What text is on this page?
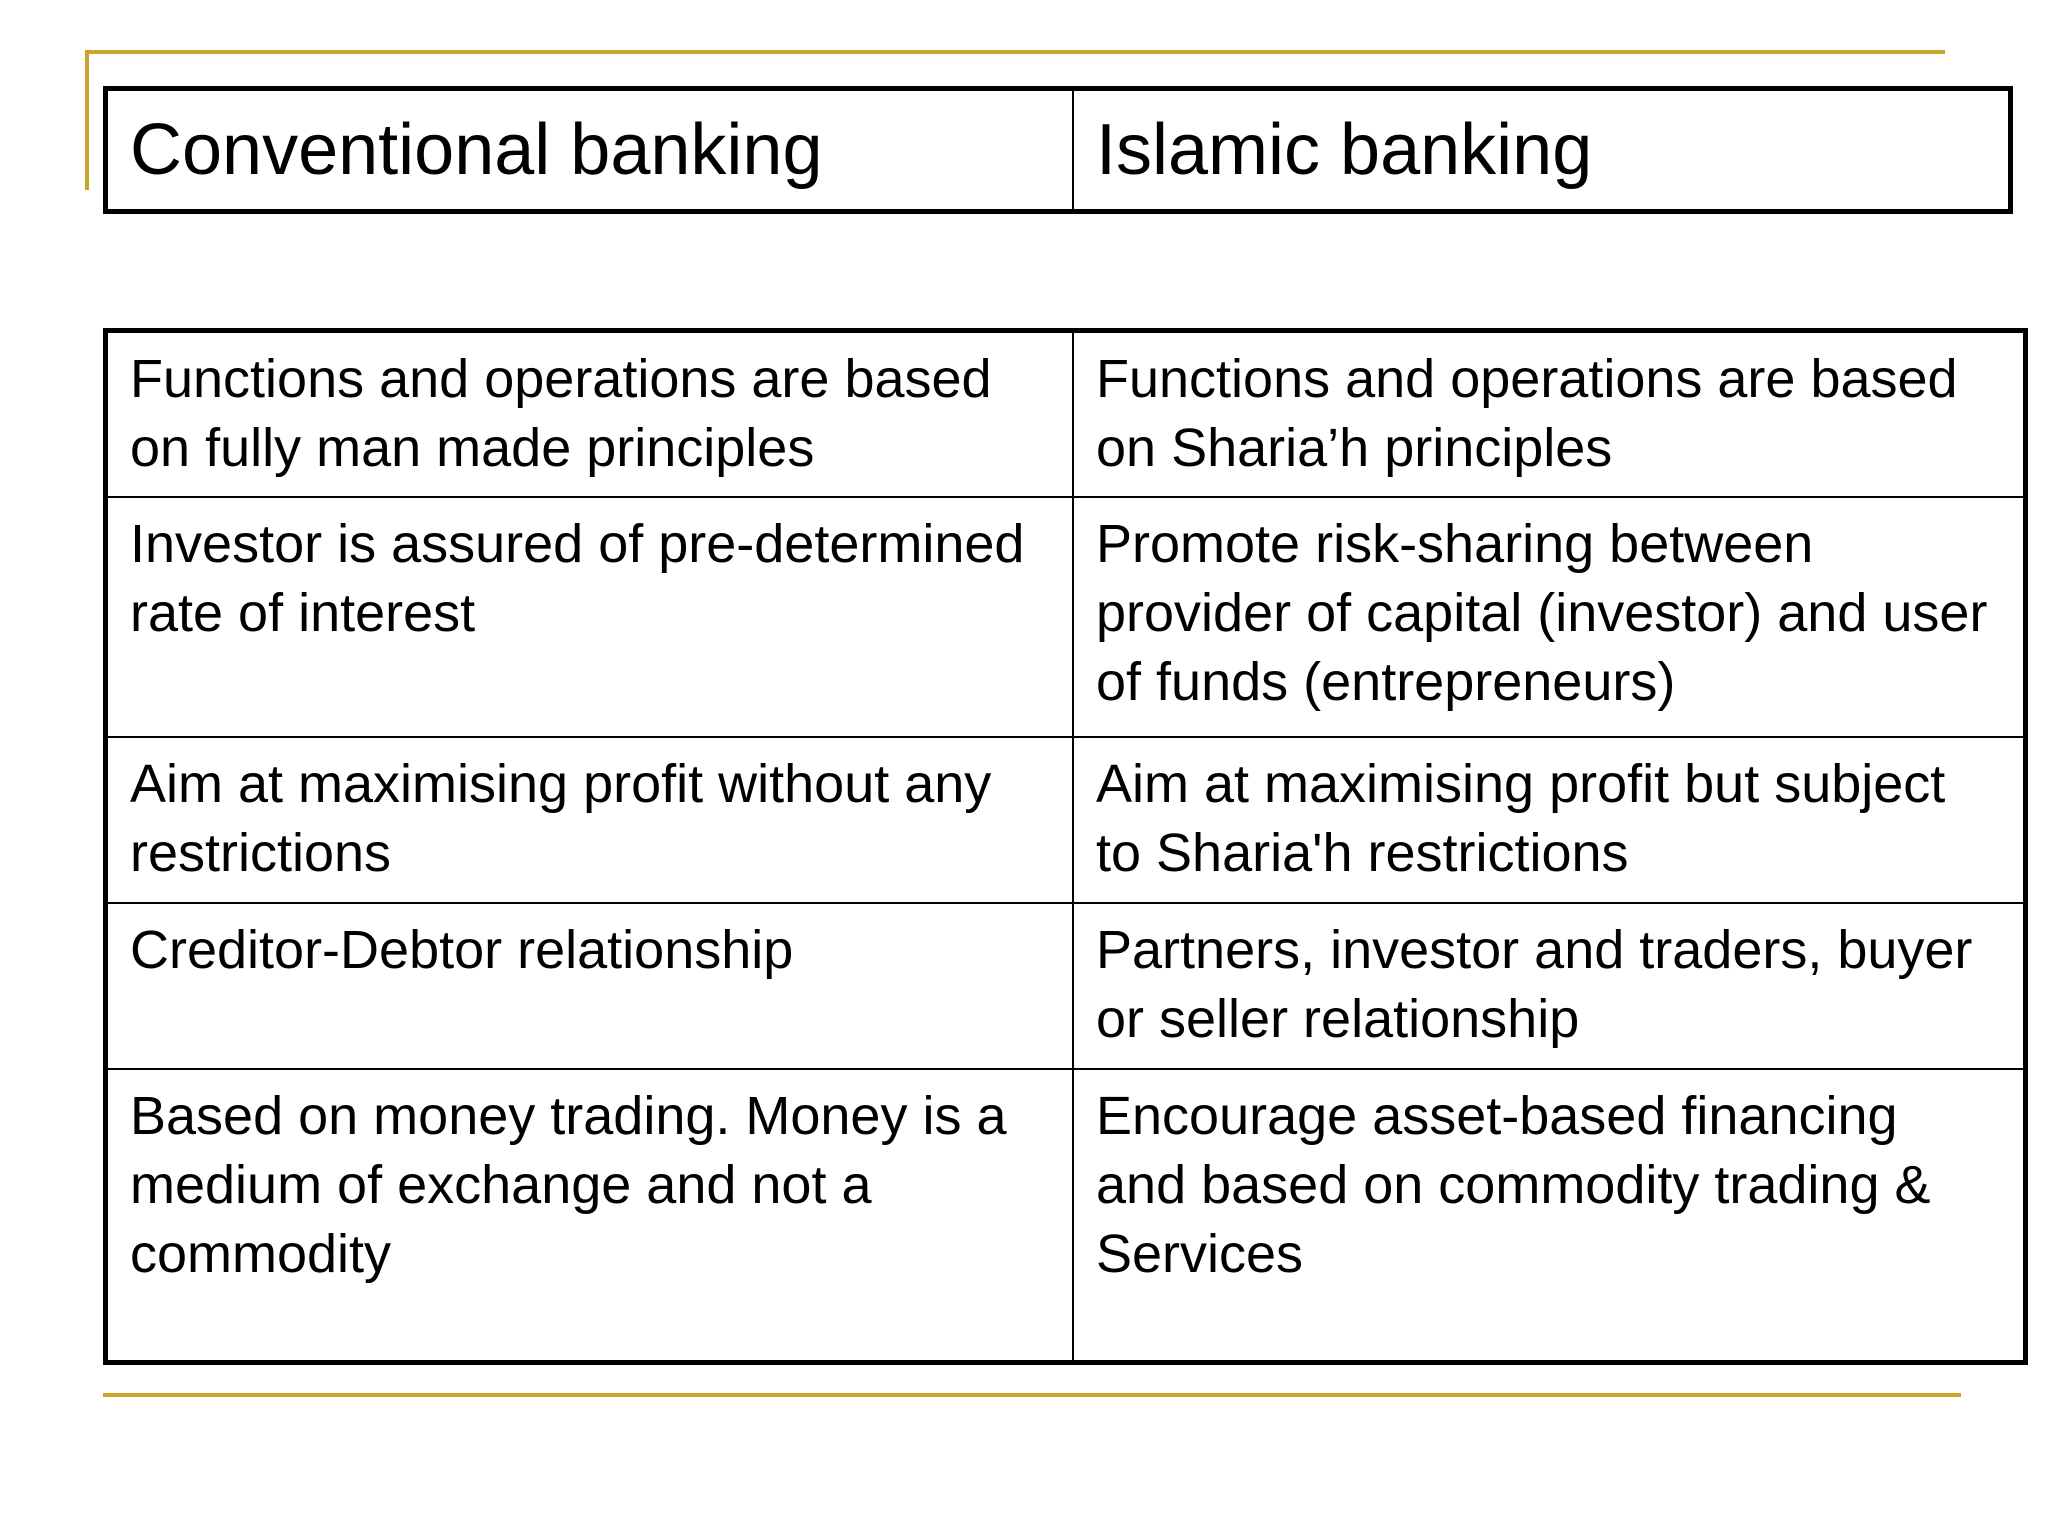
Conventional banking	Islamic banking
Functions and operations are based on fully man made principles	Functions and operations are based on Sharia’h principles
Investor is assured of pre-determined rate of interest	Promote risk-sharing between provider of capital (investor) and user of funds (entrepreneurs)
Aim at maximising profit without any restrictions	Aim at maximising profit but subject to Sharia'h restrictions
Creditor-Debtor relationship	Partners, investor and traders, buyer or seller relationship
Based on money trading. Money is a medium of exchange and not a commodity	Encourage asset-based financing and based on commodity trading & Services
